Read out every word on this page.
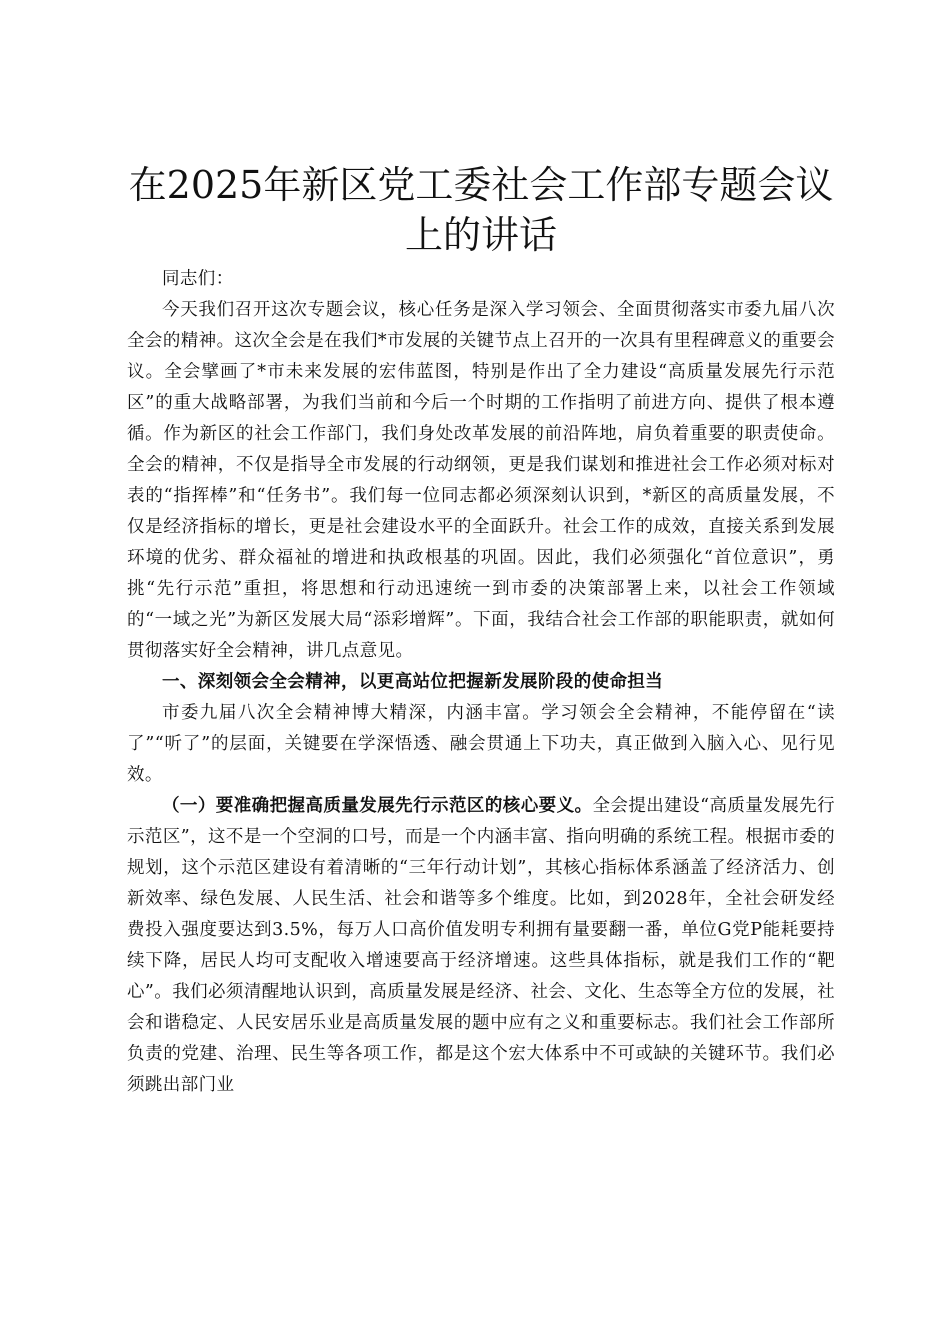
在2025年新区党工委社会工作部专题会议上的讲话

同志们：

今天我们召开这次专题会议，核心任务是深入学习领会、全面贯彻落实市委九届八次全会的精神。这次全会是在我们*市发展的关键节点上召开的一次具有里程碑意义的重要会议。全会擘画了*市未来发展的宏伟蓝图，特别是作出了全力建设“高质量发展先行示范区”的重大战略部署，为我们当前和今后一个时期的工作指明了前进方向、提供了根本遵循。作为新区的社会工作部门，我们身处改革发展的前沿阵地，肩负着重要的职责使命。全会的精神，不仅是指导全市发展的行动纲领，更是我们谋划和推进社会工作必须对标对表的“指挥棒”和“任务书”。我们每一位同志都必须深刻认识到，*新区的高质量发展，不仅是经济指标的增长，更是社会建设水平的全面跃升。社会工作的成效，直接关系到发展环境的优劣、群众福祉的增进和执政根基的巩固。因此，我们必须强化“首位意识”，勇挑“先行示范”重担，将思想和行动迅速统一到市委的决策部署上来，以社会工作领域的“一域之光”为新区发展大局“添彩增辉”。下面，我结合社会工作部的职能职责，就如何贯彻落实好全会精神，讲几点意见。

一、深刻领会全会精神，以更高站位把握新发展阶段的使命担当

市委九届八次全会精神博大精深，内涵丰富。学习领会全会精神，不能停留在“读了”“听了”的层面，关键要在学深悟透、融会贯通上下功夫，真正做到入脑入心、见行见效。

（一）要准确把握高质量发展先行示范区的核心要义。全会提出建设“高质量发展先行示范区”，这不是一个空洞的口号，而是一个内涵丰富、指向明确的系统工程。根据市委的规划，这个示范区建设有着清晰的“三年行动计划”，其核心指标体系涵盖了经济活力、创新效率、绿色发展、人民生活、社会和谐等多个维度。比如，到2028年，全社会研发经费投入强度要达到3.5%，每万人口高价值发明专利拥有量要翻一番，单位G党P能耗要持续下降，居民人均可支配收入增速要高于经济增速。这些具体指标，就是我们工作的“靶心”。我们必须清醒地认识到，高质量发展是经济、社会、文化、生态等全方位的发展，社会和谐稳定、人民安居乐业是高质量发展的题中应有之义和重要标志。我们社会工作部所负责的党建、治理、民生等各项工作，都是这个宏大体系中不可或缺的关键环节。我们必须跳出部门业
